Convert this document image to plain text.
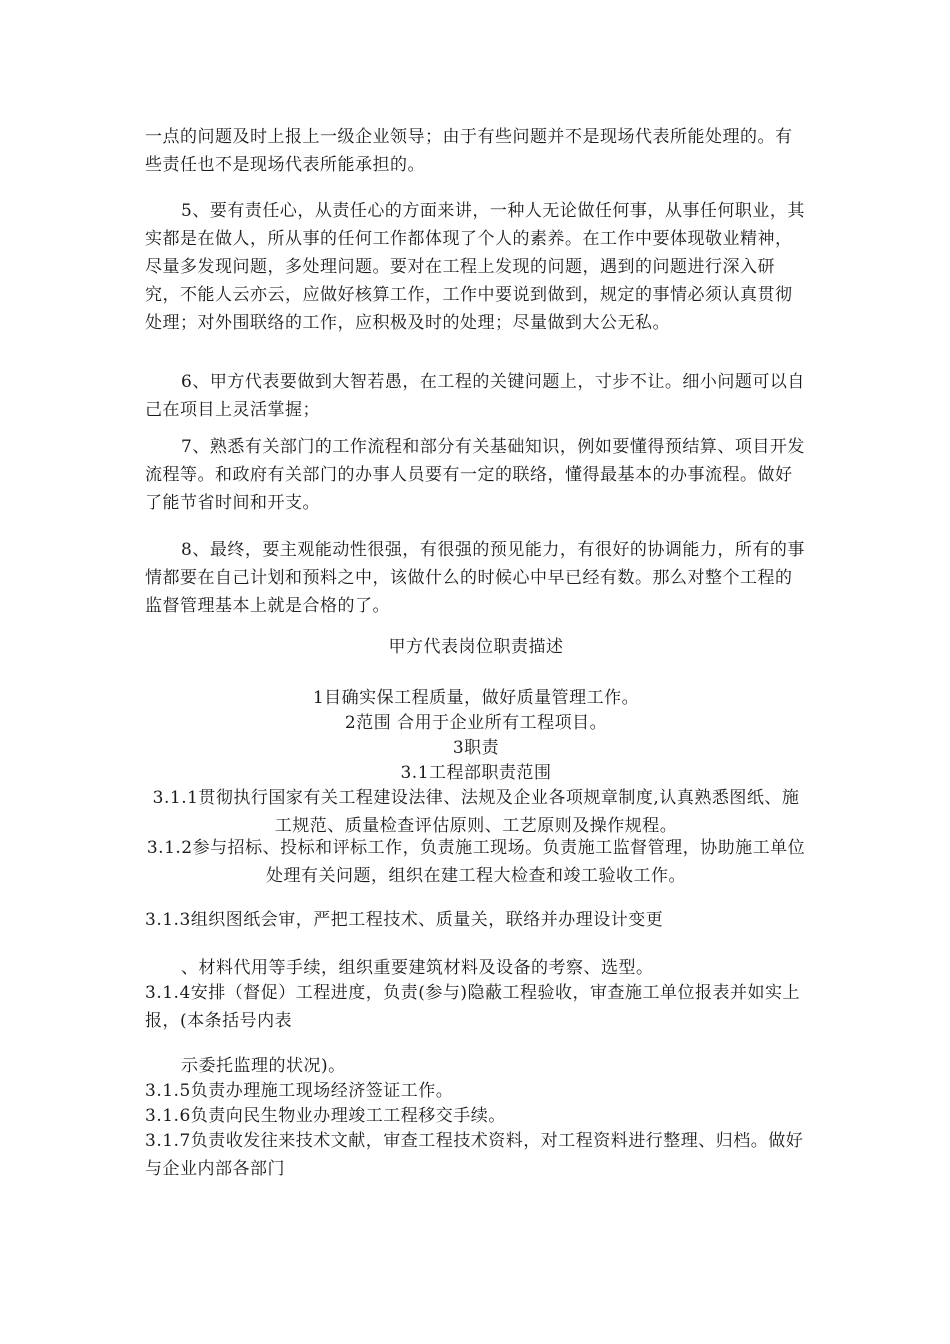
一点的问题及时上报上一级企业领导；由于有些问题并不是现场代表所能处理的。有些责任也不是现场代表所能承担的。

5、要有责任心，从责任心的方面来讲，一种人无论做任何事，从事任何职业，其实都是在做人，所从事的任何工作都体现了个人的素养。在工作中要体现敬业精神，尽量多发现问题，多处理问题。要对在工程上发现的问题，遇到的问题进行深入研究，不能人云亦云，应做好核算工作，工作中要说到做到，规定的事情必须认真贯彻处理；对外围联络的工作，应积极及时的处理；尽量做到大公无私。

6、甲方代表要做到大智若愚，在工程的关键问题上，寸步不让。细小问题可以自己在项目上灵活掌握；

7、熟悉有关部门的工作流程和部分有关基础知识，例如要懂得预结算、项目开发流程等。和政府有关部门的办事人员要有一定的联络，懂得最基本的办事流程。做好了能节省时间和开支。

8、最终，要主观能动性很强，有很强的预见能力，有很好的协调能力，所有的事情都要在自己计划和预料之中，该做什么的时候心中早已经有数。那么对整个工程的监督管理基本上就是合格的了。

甲方代表岗位职责描述

1目确实保工程质量，做好质量管理工作。

2范围 合用于企业所有工程项目。

3职责

3.1工程部职责范围

3.1.1贯彻执行国家有关工程建设法律、法规及企业各项规章制度,认真熟悉图纸、施工规范、质量检查评估原则、工艺原则及操作规程。

3.1.2参与招标、投标和评标工作，负责施工现场。负责施工监督管理，协助施工单位处理有关问题，组织在建工程大检查和竣工验收工作。

3.1.3组织图纸会审，严把工程技术、质量关，联络并办理设计变更

、材料代用等手续，组织重要建筑材料及设备的考察、选型。

3.1.4安排（督促）工程进度，负责(参与)隐蔽工程验收，审查施工单位报表并如实上报，(本条括号内表

示委托监理的状况)。

3.1.5负责办理施工现场经济签证工作。

3.1.6负责向民生物业办理竣工工程移交手续。

3.1.7负责收发往来技术文献，审查工程技术资料，对工程资料进行整理、归档。做好与企业内部各部门
